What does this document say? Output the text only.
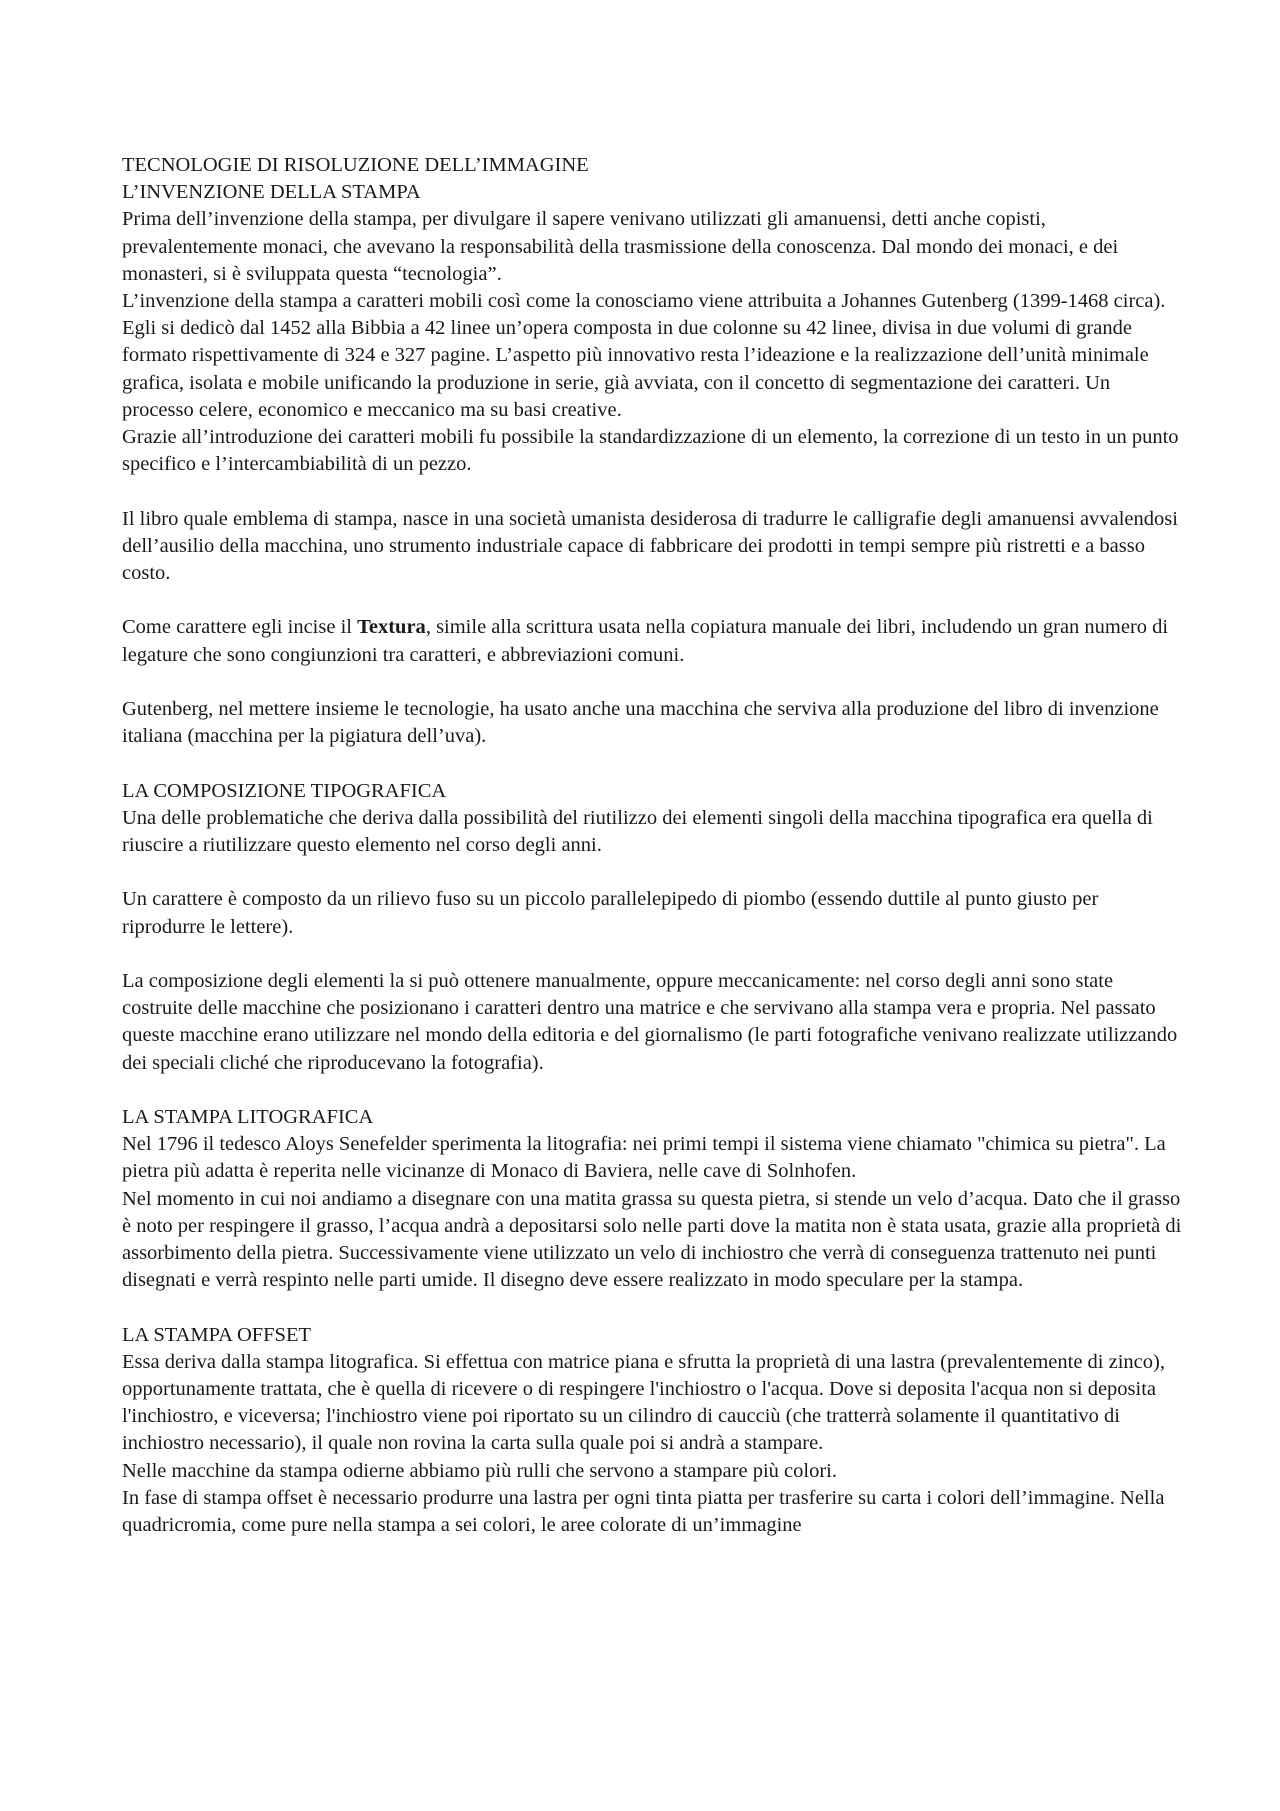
TECNOLOGIE DI RISOLUZIONE DELL’IMMAGINE

L’INVENZIONE DELLA STAMPA

Prima dell’invenzione della stampa, per divulgare il sapere venivano utilizzati gli amanuensi, detti anche copisti, prevalentemente monaci, che avevano la responsabilità della trasmissione della conoscenza. Dal mondo dei monaci, e dei monasteri, si è sviluppata questa “tecnologia”.

L’invenzione della stampa a caratteri mobili così come la conosciamo viene attribuita a Johannes Gutenberg (1399-1468 circa). Egli si dedicò dal 1452 alla Bibbia a 42 linee un’opera composta in due colonne su 42 linee, divisa in due volumi di grande formato rispettivamente di 324 e 327 pagine. L’aspetto più innovativo resta l’ideazione e la realizzazione dell’unità minimale grafica, isolata e mobile unificando la produzione in serie, già avviata, con il concetto di segmentazione dei caratteri. Un processo celere, economico e meccanico ma su basi creative.

Grazie all’introduzione dei caratteri mobili fu possibile la standardizzazione di un elemento, la correzione di un testo in un punto specifico e l’intercambiabilità di un pezzo.

Il libro quale emblema di stampa, nasce in una società umanista desiderosa di tradurre le calligrafie degli amanuensi avvalendosi dell’ausilio della macchina, uno strumento industriale capace di fabbricare dei prodotti in tempi sempre più ristretti e a basso costo.

Come carattere egli incise il Textura, simile alla scrittura usata nella copiatura manuale dei libri, includendo un gran numero di legature che sono congiunzioni tra caratteri, e abbreviazioni comuni.

Gutenberg, nel mettere insieme le tecnologie, ha usato anche una macchina che serviva alla produzione del libro di invenzione italiana (macchina per la pigiatura dell’uva).

LA COMPOSIZIONE TIPOGRAFICA

Una delle problematiche che deriva dalla possibilità del riutilizzo dei elementi singoli della macchina tipografica era quella di riuscire a riutilizzare questo elemento nel corso degli anni.

Un carattere è composto da un rilievo fuso su un piccolo parallelepipedo di piombo (essendo duttile al punto giusto per riprodurre le lettere).

La composizione degli elementi la si può ottenere manualmente, oppure meccanicamente: nel corso degli anni sono state costruite delle macchine che posizionano i caratteri dentro una matrice e che servivano alla stampa vera e propria. Nel passato queste macchine erano utilizzare nel mondo della editoria e del giornalismo (le parti fotografiche venivano realizzate utilizzando dei speciali cliché che riproducevano la fotografia).

LA STAMPA LITOGRAFICA

Nel 1796 il tedesco Aloys Senefelder sperimenta la litografia: nei primi tempi il sistema viene chiamato "chimica su pietra". La pietra più adatta è reperita nelle vicinanze di Monaco di Baviera, nelle cave di Solnhofen.

Nel momento in cui noi andiamo a disegnare con una matita grassa su questa pietra, si stende un velo d’acqua. Dato che il grasso è noto per respingere il grasso, l’acqua andrà a depositarsi solo nelle parti dove la matita non è stata usata, grazie alla proprietà di assorbimento della pietra. Successivamente viene utilizzato un velo di inchiostro che verrà di conseguenza trattenuto nei punti disegnati e verrà respinto nelle parti umide. Il disegno deve essere realizzato in modo speculare per la stampa.

LA STAMPA OFFSET

Essa deriva dalla stampa litografica. Si effettua con matrice piana e sfrutta la proprietà di una lastra (prevalentemente di zinco), opportunamente trattata, che è quella di ricevere o di respingere l'inchiostro o l'acqua. Dove si deposita l'acqua non si deposita l'inchiostro, e viceversa; l'inchiostro viene poi riportato su un cilindro di caucciù (che tratterrà solamente il quantitativo di inchiostro necessario), il quale non rovina la carta sulla quale poi si andrà a stampare.

Nelle macchine da stampa odierne abbiamo più rulli che servono a stampare più colori.

In fase di stampa offset è necessario produrre una lastra per ogni tinta piatta per trasferire su carta i colori dell’immagine. Nella quadricromia, come pure nella stampa a sei colori, le aree colorate di un’immagine
